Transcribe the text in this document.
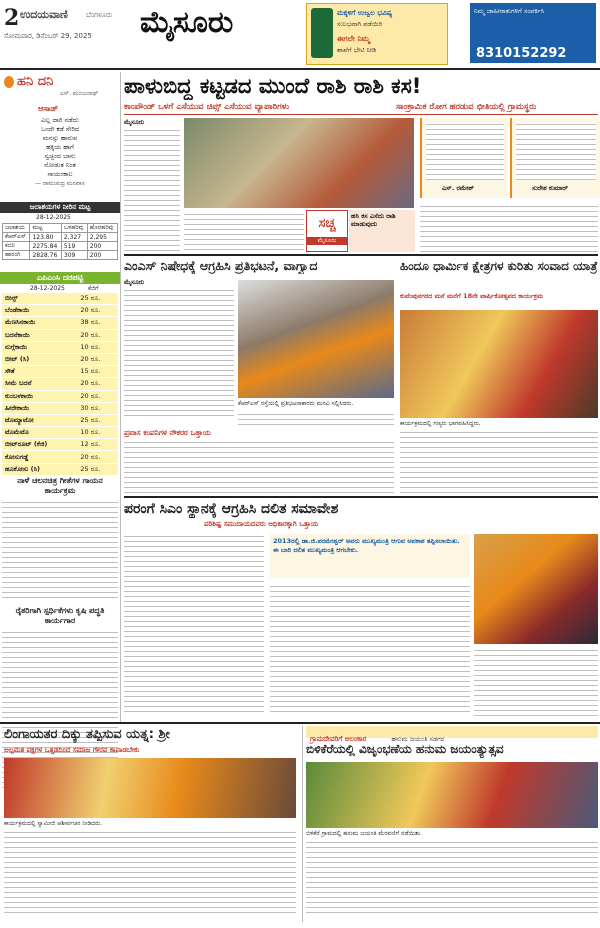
2 ಉದಯವಾಣಿ	ಬೆಂಗಳೂರು
ಸೋಮವಾರ, ಡಿಸೆಂಬರ್ 29, 2025 ಮೈಸೂರು	ಮಕ್ಕಳಿಗೆ ಉಜ್ವಲ ಭವಿಷ್ಯ
ಸುಲಭವಾಗಿ ಪಡೆಯಿರಿ
ಈಗಲೇ ನಿಮ್ಮ
ಶಾಖೆಗೆ ಭೇಟಿ ನೀಡಿ
ನಿಮ್ಮ ಜಾಹೀರಾತುಗಳಿಗೆ ಸಂಪರ್ಕಿಸಿ
8310152292
ಹನಿ ದನಿ
ಎಸ್. ಮಂಜುನಾಥ್
ಆಸಾಡ್
ಎಲ್ಲ ದಾರಿ ನಡೆದು
ಒಂದೇ ಕಡೆ ಸೇರಿದ
ಮನಸ್ಸು ಹಾರುವ
ಹಕ್ಕಿಯ ಹಾಗೆ
ಸ್ವಚ್ಛಂದ ಬಾನು
ನೋಡುತ ನಿಂತ
ಸಾಯಂಕಾಲ
— ರಾಮಚಂದ್ರ ಮನವಾಸ
ಜಲಾಶಯಗಳ ನೀರಿನ ಮಟ್ಟ
28-12-2025
ಜಲಾಶಯ	ಮಟ್ಟ	ಒಳಹರಿವು	ಹೊರಹರಿವು
ಕೆಆರ್‌ಎಸ್	123.80	2,327	2,295
ಕಬಿನಿ	2275.84	519	200
ಹಾರಂಗಿ	2828.76	309	200
ಎಪಿಎಂಸಿ ದರಪಟ್ಟಿ
28-12-2025	ಕೆಜಿಗೆ
ಬೀನ್ಸ್	25 ರೂ.
ಬೆಂಡೆಕಾಯಿ	20 ರೂ.
ಮೆಣಸಿನಕಾಯಿ	38 ರೂ.
ಬದನೆಕಾಯಿ	20 ರೂ.
ನುಗ್ಗೆಕಾಯಿ	10 ರೂ.
ಬೀಟ್‌ (ಸಿ)	20 ರೂ.
ಸೌತೆ	15 ರೂ.
ಸೀಮೆ ಬದನೆ	20 ರೂ.
ಕುಂಬಳಕಾಯಿ	20 ರೂ.
ಹೀರೇಕಾಯಿ	30 ರೂ.
ಟೊಮ್ಯಾಟೋ	25 ರೂ.
ಟೊಮೆಟೊ	10 ರೂ.
ಬೀಟ್‌ರೂಟ್ (ಕೆಜಿ)	12 ರೂ.
ಕೋಸುಗಡ್ಡೆ	20 ರೂ.
ಹೂಕೋಸು (ಸಿ)	25 ರೂ.
ನಾಳೆ ಚಲನಚಿತ್ರ ಗೀತೆಗಳ ಗಾಯನ ಕಾರ್ಯಕ್ರಮ
ರೈತರಿಗಾಗಿ ಸ್ಪರ್ಧಿಕೆಗಳು ಕೃಷಿ ಪದ್ಧತಿ ಕಾರ್ಯಗಾರ
ಪಾಳುಬಿದ್ದ ಕಟ್ಟಡದ ಮುಂದೆ ರಾಶಿ ರಾಶಿ ಕಸ!
ಕಾಂಪೌಂಡ್ ಒಳಗೆ ಎಸೆಯುವ ಚಿಪ್ಸ್ ಎಸೆಯುವ ವ್ಯಾಪಾರಿಗಳು	ಸಾಂಕ್ರಾಮಿಕ ರೋಗ ಹರಡುವ ಭೀತಿಯಲ್ಲಿ ಗ್ರಾಮಸ್ಥರು
ಮೈಸೂರು
ಸಚ್ಚ
ಮೈಸೂರು
ಹಸಿ ಕಸ ಎಸೆದು ರಾಶಿ ಮಾಡುವುದು
ಎಸ್. ರಮೇಶ್	ಸುರೇಶ ಕುಮಾರ್
ಎಂಎಸ್ ನಿಷೇಧಕ್ಕೆ ಆಗ್ರಹಿಸಿ ಪ್ರತಿಭಟನೆ, ವಾಗ್ವಾದ
ಮೈಸೂರು
ಕೆಆರ್‌ಎಸ್‌ ರಸ್ತೆಯಲ್ಲಿ ಪ್ರತಿಭಟನಾಕಾರರು ಮನವಿ ಸಲ್ಲಿಸಿದರು.
ಪ್ರವಾಸ ಕಂಪನಿಗಳ ನೌಕರರ ಒತ್ತಾಯ
ಹಿಂದೂ ಧಾರ್ಮಿಕ ಕ್ಷೇತ್ರಗಳ ಕುರಿತು ಸಂವಾದ ಯಾತ್ರೆ
ಕುವೆಂಪುನಗರದ ಮನೆ ಮನೆಗೆ 18ನೇ ವಾರ್ಷಿಕೋತ್ಸವದ ಕಾರ್ಯಕ್ರಮ
ಕಾರ್ಯಕ್ರಮದಲ್ಲಿ ಗಣ್ಯರು ಭಾಗವಹಿಸಿದ್ದರು.
ಪರಂಗೆ ಸಿಎಂ ಸ್ಥಾನಕ್ಕೆ ಆಗ್ರಹಿಸಿ ದಲಿತ ಸಮಾವೇಶ
ಪರಿಶಿಷ್ಟ ಸಮುದಾಯದವರು ಅಧಿಕಾರಕ್ಕಾಗಿ ಒತ್ತಾಯ
2013ರಲ್ಲಿ ಡಾ.ಜಿ.ಪರಮೇಶ್ವರ್ ಅವರು ಮುಖ್ಯಮಂತ್ರಿ ಆಗುವ ಅವಕಾಶ ತಪ್ಪಿಸಲಾಯಿತು. ಈ ಬಾರಿ ದಲಿತ ಮುಖ್ಯಮಂತ್ರಿ ಆಗಬೇಕು.
ಲಿಂಗಾಯತರ ದಿಕ್ಕು ತಪ್ಪಿಸುವ ಯತ್ನ: ಶ್ರೀ
ಅಲ್ಪಮತ ಪಕ್ಷಗಳ ಒತ್ತಡದಿಂದ ಸಮಾಜ ಗೌರವ ಕಾಪಾಡಬೇಕು
ಕಾರ್ಯಕ್ರಮದಲ್ಲಿ ಸ್ವಾಮೀಜಿ ಆಶೀರ್ವಚನ ನೀಡಿದರು.
ಗ್ರಾಮದೇವರಿಗೆ ಅಲಂಕಾರ	ಹನುಮ ಜಯಂತಿ ಸಡಗರ
ಬಿಳಿಕೆರೆಯಲ್ಲಿ ವಿಜೃಂಭಣೆಯ ಹನುಮ ಜಯಂತ್ಯುತ್ಸವ
ಬಿಳಿಕೆರೆ ಗ್ರಾಮದಲ್ಲಿ ಹನುಮ ಜಯಂತಿ ಮೆರವಣಿಗೆ ನಡೆಯಿತು.
